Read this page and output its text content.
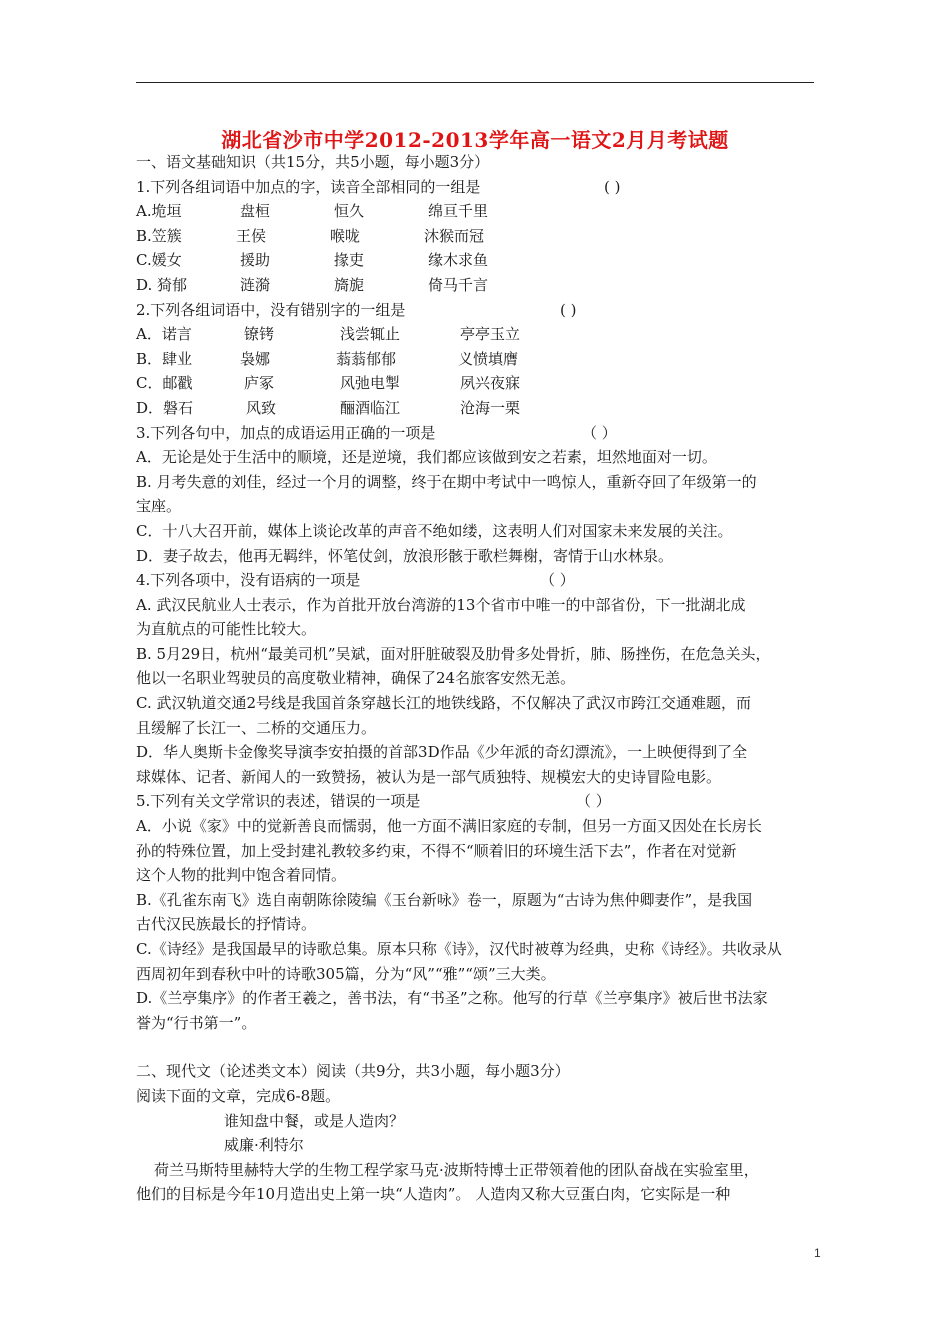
湖北省沙市中学2012-2013学年高一语文2月月考试题

一、语文基础知识（共15分，共5小题，每小题3分）

1.下列各组词语中加点的字，读音全部相同的一组是	( )

A.垝垣	盘桓	恒久	绵亘千里
B.笠簇	王侯	喉咙	沐猴而冠
C.媛女	援助	掾吏	缘木求鱼
D. 猗郁	涟漪	旖旎	倚马千言

2.下列各组词语中，没有错别字的一组是	( )

A．诺言	镣铐	浅尝辄止	亭亭玉立
B．肆业	袅娜	蓊蓊郁郁	义愤填膺
C．邮戳	庐冢	风弛电掣	夙兴夜寐
D．磐石	风致	酾酒临江	沧海一栗

3.下列各句中，加点的成语运用正确的一项是	（ ）

A．无论是处于生活中的顺境，还是逆境，我们都应该做到安之若素，坦然地面对一切。

B. 月考失意的刘佳，经过一个月的调整，终于在期中考试中一鸣惊人，重新夺回了年级第一的

宝座。

C．十八大召开前，媒体上谈论改革的声音不绝如缕，这表明人们对国家未来发展的关注。

D．妻子故去，他再无羁绊，怀笔仗剑，放浪形骸于歌栏舞榭，寄情于山水林泉。

4.下列各项中，没有语病的一项是	（ ）

A. 武汉民航业人士表示，作为首批开放台湾游的13个省市中唯一的中部省份，下一批湖北成

为直航点的可能性比较大。

B. 5月29日，杭州“最美司机”吴斌，面对肝脏破裂及肋骨多处骨折，肺、肠挫伤，在危急关头，

他以一名职业驾驶员的高度敬业精神，确保了24名旅客安然无恙。

C. 武汉轨道交通2号线是我国首条穿越长江的地铁线路，不仅解决了武汉市跨江交通难题，而

且缓解了长江一、二桥的交通压力。

D．华人奥斯卡金像奖导演李安拍摄的首部3D作品《少年派的奇幻漂流》，一上映便得到了全

球媒体、记者、新闻人的一致赞扬，被认为是一部气质独特、规模宏大的史诗冒险电影。

5.下列有关文学常识的表述，错误的一项是	（ ）

A．小说《家》中的觉新善良而懦弱，他一方面不满旧家庭的专制，但另一方面又因处在长房长

孙的特殊位置，加上受封建礼教较多约束，不得不“顺着旧的环境生活下去”，作者在对觉新

这个人物的批判中饱含着同情。

B.《孔雀东南飞》选自南朝陈徐陵编《玉台新咏》卷一，原题为“古诗为焦仲卿妻作”，是我国

古代汉民族最长的抒情诗。

C.《诗经》是我国最早的诗歌总集。原本只称《诗》，汉代时被尊为经典，史称《诗经》。共收录从

西周初年到春秋中叶的诗歌305篇，分为“风”“雅”“颂”三大类。

D.《兰亭集序》的作者王羲之，善书法，有“书圣”之称。他写的行草《兰亭集序》被后世书法家

誉为“行书第一”。

二、现代文（论述类文本）阅读（共9分，共3小题，每小题3分）

阅读下面的文章，完成6-8题。

谁知盘中餐，或是人造肉？

威廉·利特尔

荷兰马斯特里赫特大学的生物工程学家马克·波斯特博士正带领着他的团队奋战在实验室里，

他们的目标是今年10月造出史上第一块“人造肉”。 人造肉又称大豆蛋白肉，它实际是一种

1
